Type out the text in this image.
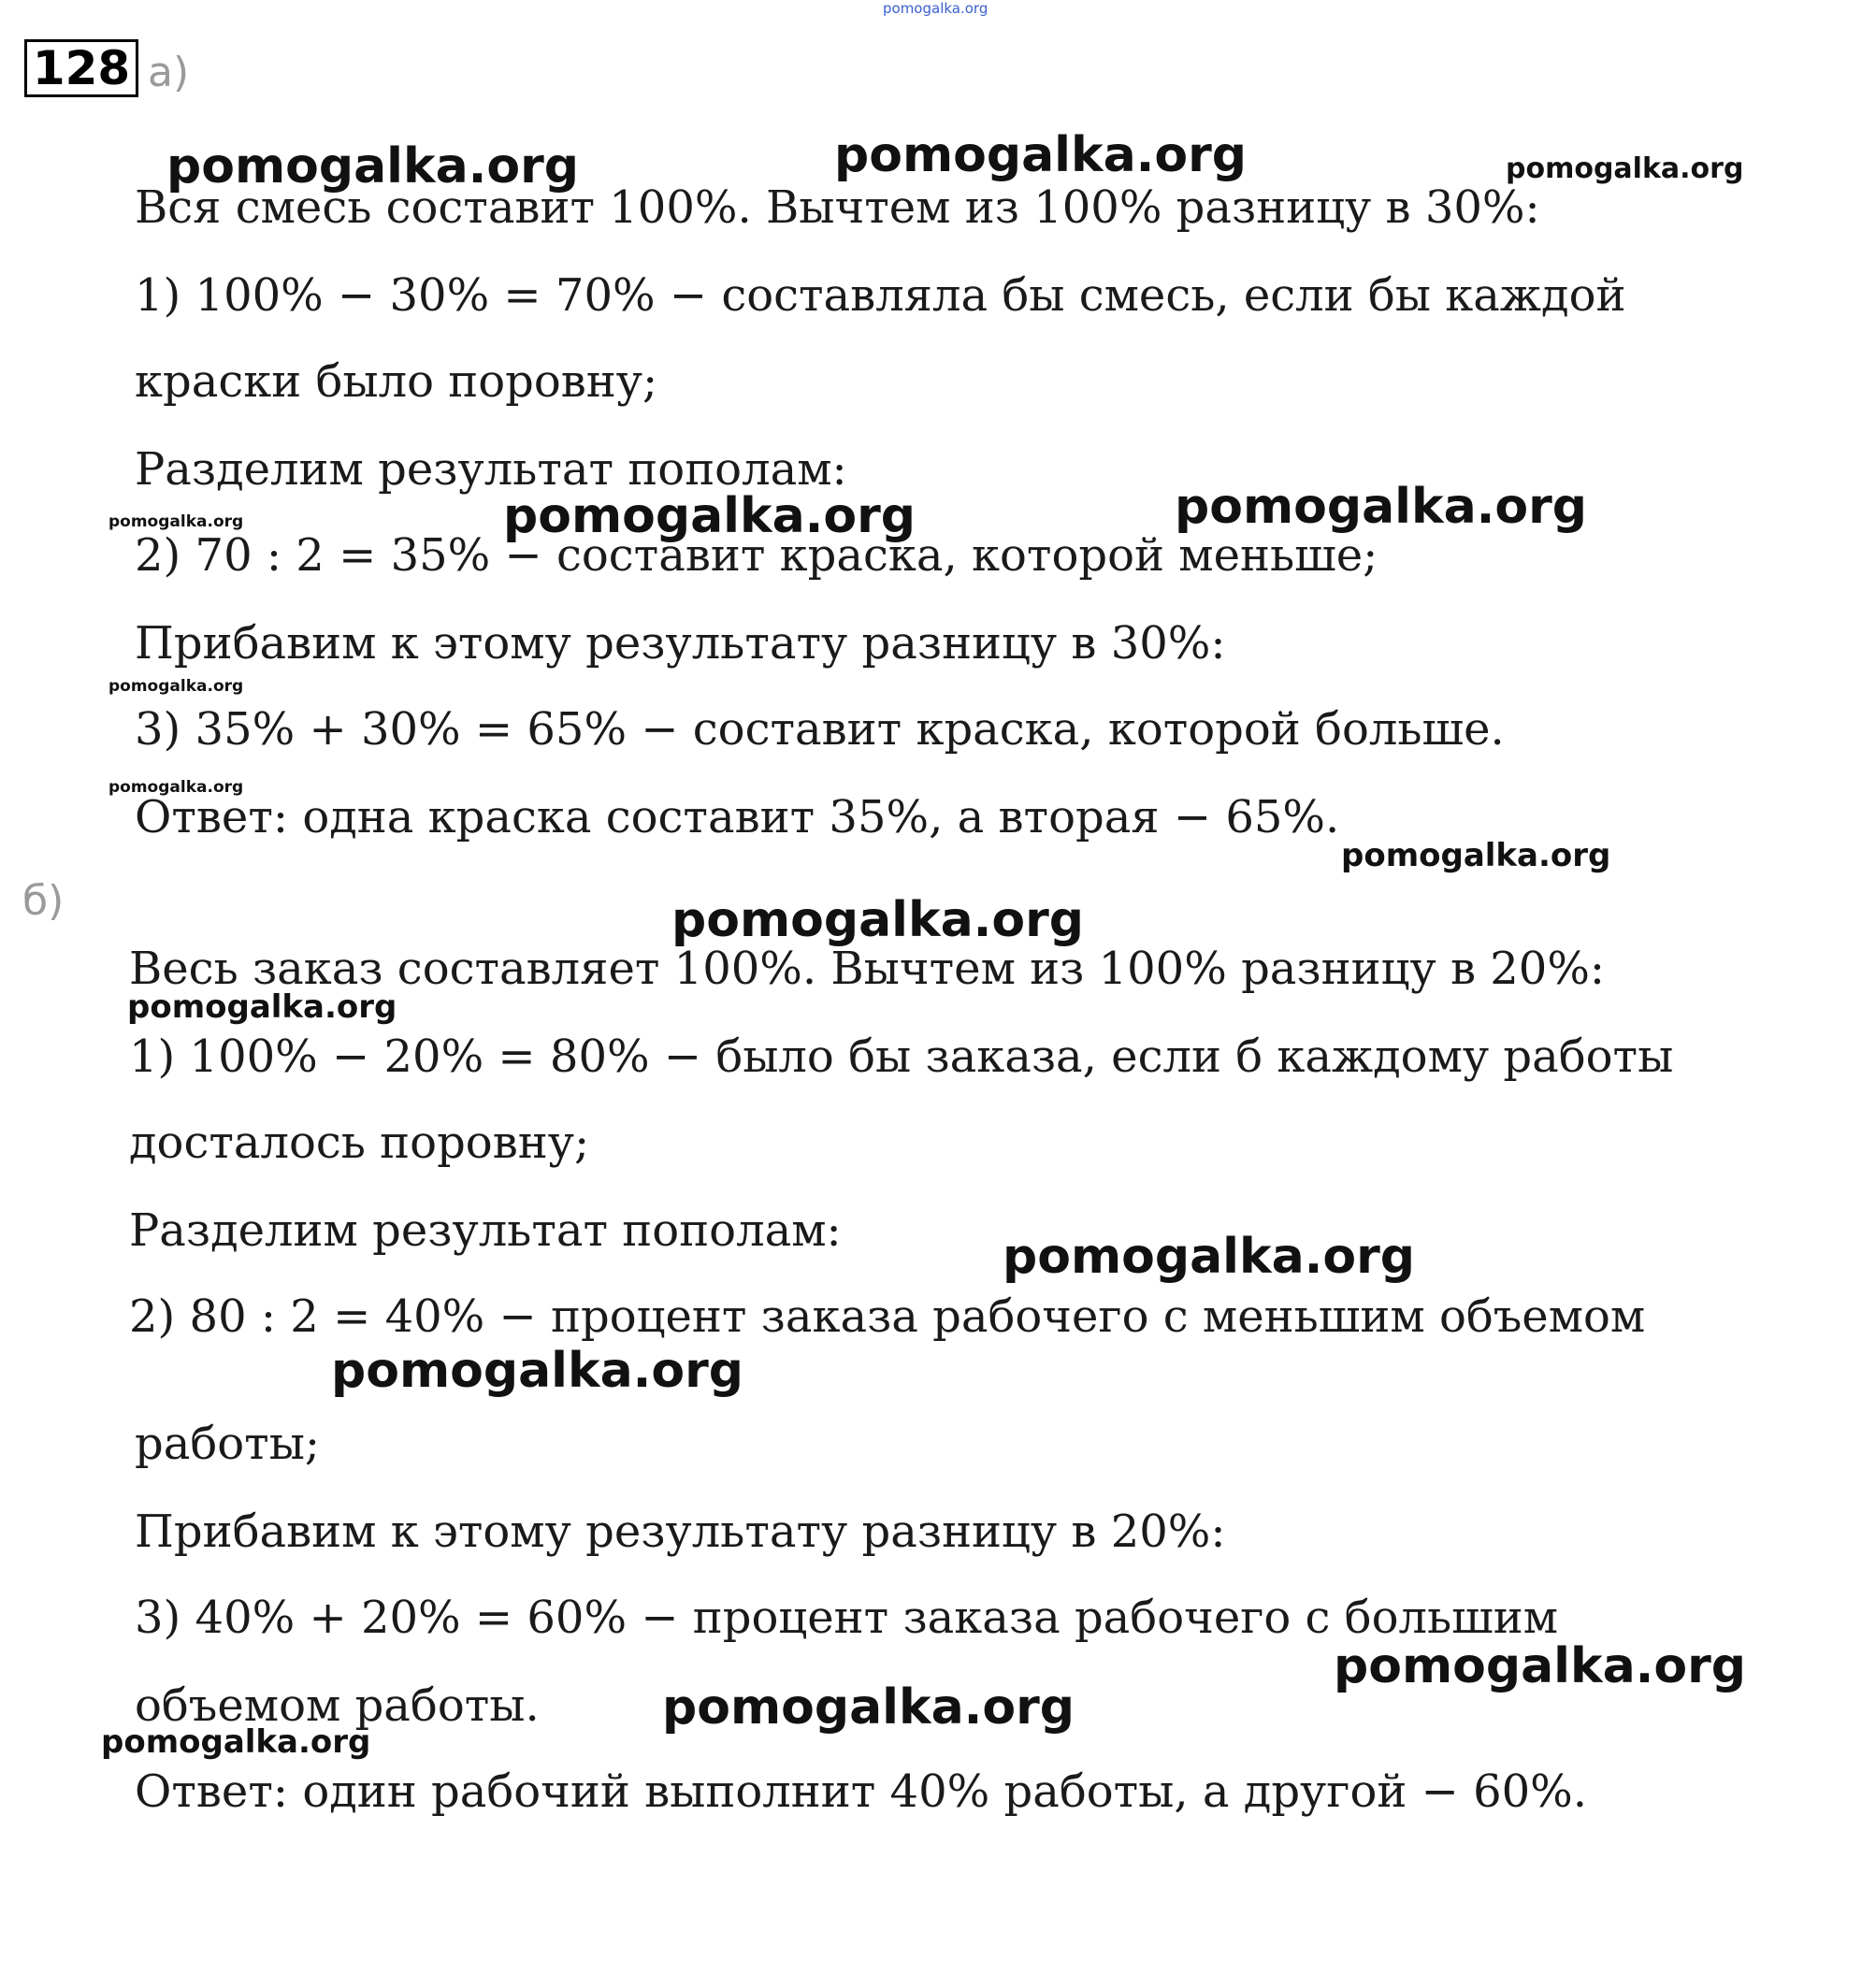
pomogalka.org
128 а)
Вся смесь составит 100%. Вычтем из 100% разницу в 30%:
1) 100% − 30% = 70% − составляла бы смесь, если бы каждой
краски было поровну;
Разделим результат пополам:
2) 70 : 2 = 35% − составит краска, которой меньше;
Прибавим к этому результату разницу в 30%:
3) 35% + 30% = 65% − составит краска, которой больше.
Ответ: одна краска составит 35%, а вторая − 65%.
б)
Весь заказ составляет 100%. Вычтем из 100% разницу в 20%:
1) 100% − 20% = 80% − было бы заказа, если б каждому работы
досталось поровну;
Разделим результат пополам:
2) 80 : 2 = 40% − процент заказа рабочего с меньшим объемом
работы;
Прибавим к этому результату разницу в 20%:
3) 40% + 20% = 60% − процент заказа рабочего с большим
объемом работы.
Ответ: один рабочий выполнит 40% работы, а другой − 60%.
pomogalka.org	pomogalka.org	pomogalka.org
pomogalka.org	pomogalka.org	pomogalka.org
pomogalka.org
pomogalka.org
pomogalka.org
pomogalka.org
pomogalka.org
pomogalka.org
pomogalka.org
pomogalka.org
pomogalka.org
pomogalka.org
